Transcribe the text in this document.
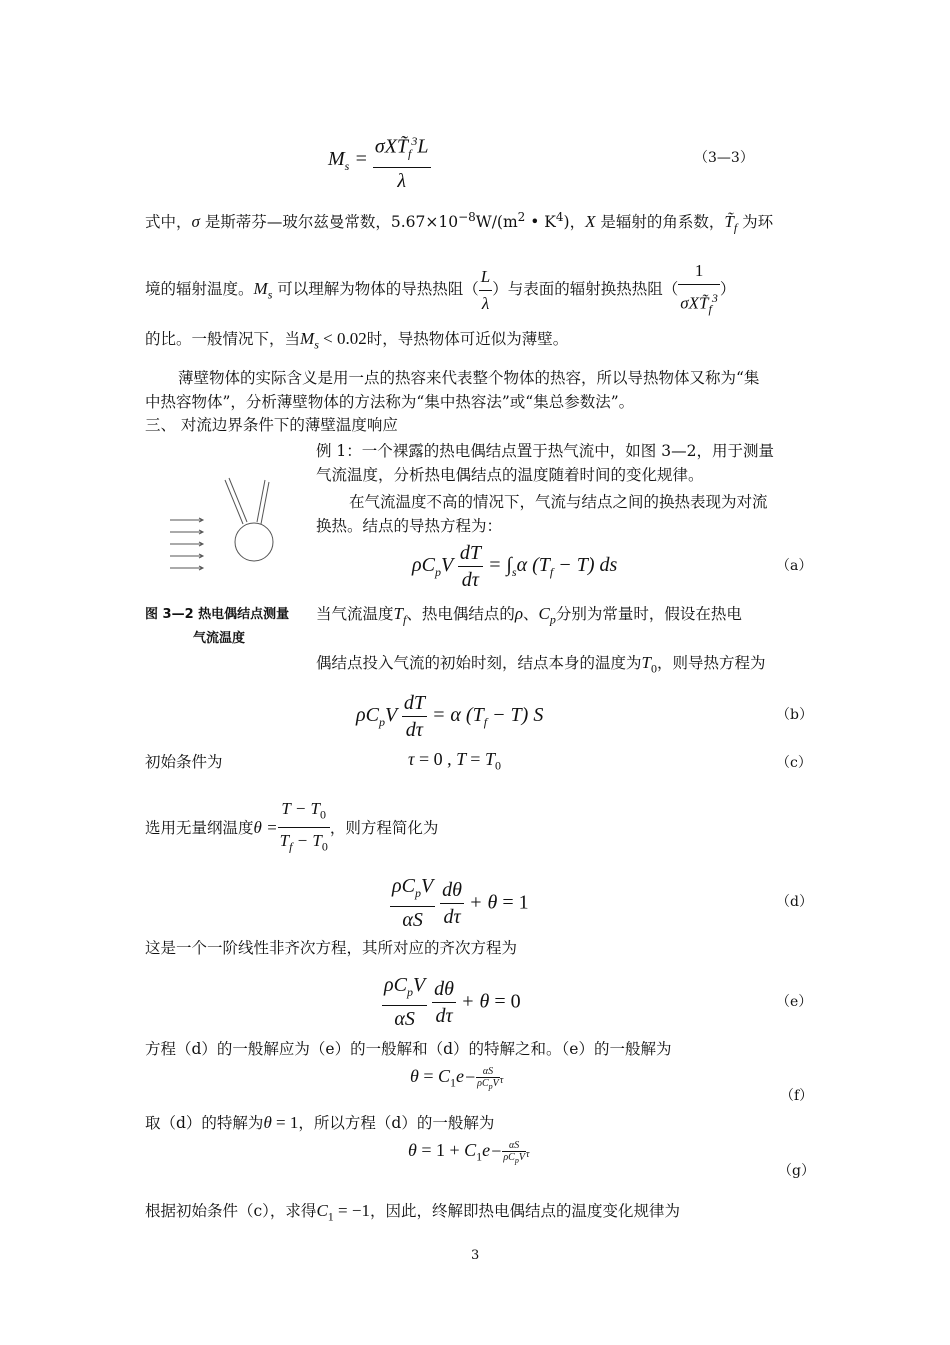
$M_s = \frac{\sigma XT̃_f^3L}{\lambda}$	（3—3）
式中，σ 是斯蒂芬—玻尔兹曼常数，$5.67\times 10^{-8}W/(m^2$ • $K^4$)，X 是辐射的角系数，$T̃_f$ 为环
境的辐射温度。$M_s$ 可以理解为物体的导热热阻（ $\frac{L}{\lambda}$ ）与表面的辐射换热热阻（ $\frac{1}{\sigma XT̃_f^3}$ ）
的比。一般情况下，当$M_s < 0.02$时，导热物体可近似为薄壁。
薄壁物体的实际含义是用一点的热容来代表整个物体的热容，所以导热物体又称为“集
中热容物体”，分析薄壁物体的方法称为“集中热容法”或“集总参数法”。
三、 对流边界条件下的薄壁温度响应
例 1：一个裸露的热电偶结点置于热气流中，如图 3—2，用于测量
气流温度，分析热电偶结点的温度随着时间的变化规律。
在气流温度不高的情况下，气流与结点之间的换热表现为对流
换热。结点的导热方程为：
图 3—2 热电偶结点测量
气流温度
$\rho C_pV \frac{dT}{d\tau} = \int_s\alpha$ $(T_f - T)$ ds	（a）
当气流温度$T_f$、热电偶结点的ρ、$C_p$分别为常量时，假设在热电
偶结点投入气流的初始时刻，结点本身的温度为$T_0$，则导热方程为
$\rho C_pV \frac{dT}{d\tau} = \alpha$ $(T_f - T)$ S	（b）
初始条件为	τ = 0 , $T = T_0$	（c）
选用无量纲温度$\theta = \frac{T - T_0}{T_f - T_0}$ ，则方程简化为
$\frac{\rho C_pV}{\alpha S}$
$\frac{d\theta}{d\tau} + \theta = 1$	（d）
这是一个一阶线性非齐次方程，其所对应的齐次方程为
$\frac{\rho C_pV}{\alpha S}$
$\frac{d\theta}{d\tau} + \theta = 0$	（e）
方程（d）的一般解应为（e）的一般解和（d）的特解之和。（e）的一般解为
$\theta = C_1e- \frac{\alpha S}{\rho C_pV}$ τ
（f）
取（d）的特解为θ = 1，所以方程（d）的一般解为
$\theta = 1 + C_1e- \frac{\alpha S}{\rho C_pV}$ τ
（g）
根据初始条件（c），求得$C_1 = -1$，因此，终解即热电偶结点的温度变化规律为
3
